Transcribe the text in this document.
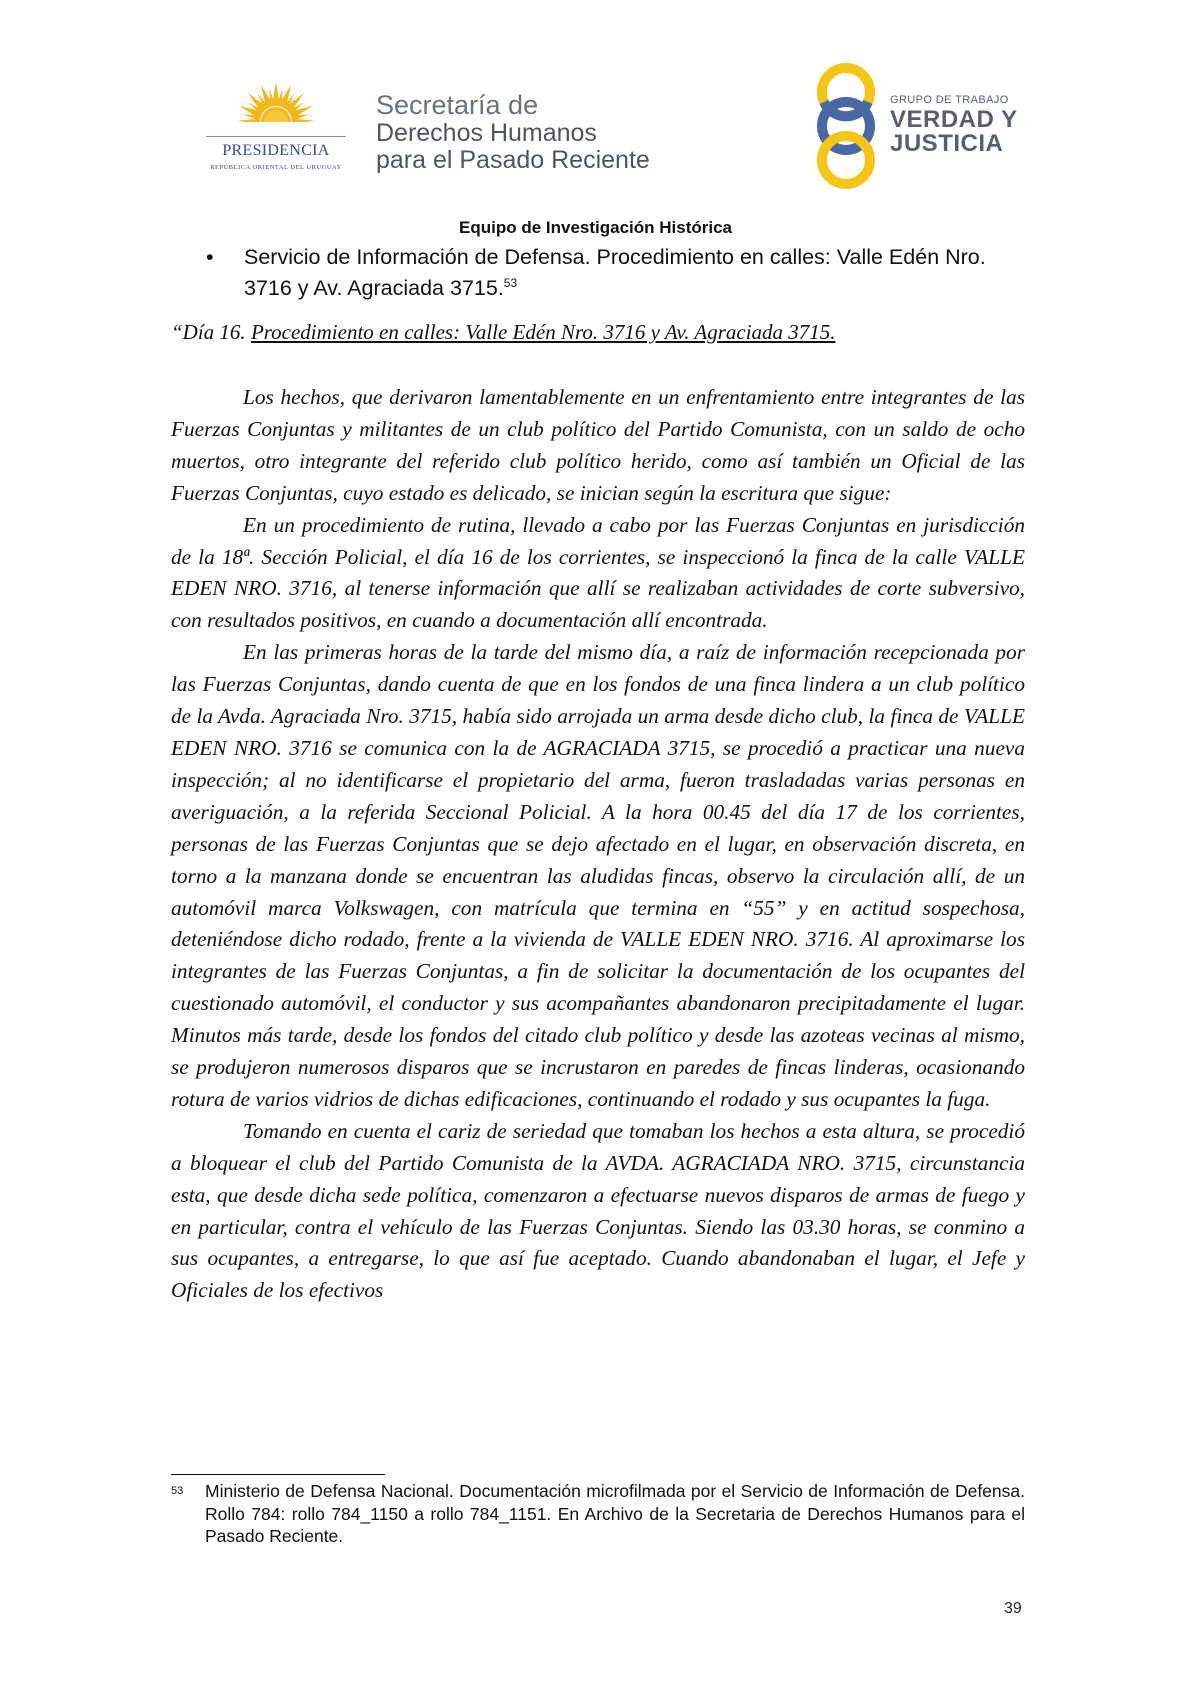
PRESIDENCIA
REPÚBLICA ORIENTAL DEL URUGUAY
Secretaría de
Derechos Humanos
para el Pasado Reciente
GRUPO DE TRABAJO
VERDAD Y
JUSTICIA
Equipo de Investigación Histórica
• Servicio de Información de Defensa. Procedimiento en calles: Valle Edén Nro. 3716 y Av. Agraciada 3715.53
“Día 16. Procedimiento en calles: Valle Edén Nro. 3716 y Av. Agraciada 3715.

Los hechos, que derivaron lamentablemente en un enfrentamiento entre integrantes de las Fuerzas Conjuntas y militantes de un club político del Partido Comunista, con un saldo de ocho muertos, otro integrante del referido club político herido, como así también un Oficial de las Fuerzas Conjuntas, cuyo estado es delicado, se inician según la escritura que sigue:

En un procedimiento de rutina, llevado a cabo por las Fuerzas Conjuntas en jurisdicción de la 18ª. Sección Policial, el día 16 de los corrientes, se inspeccionó la finca de la calle VALLE EDEN NRO. 3716, al tenerse información que allí se realizaban actividades de corte subversivo, con resultados positivos, en cuando a documentación allí encontrada.

En las primeras horas de la tarde del mismo día, a raíz de información recepcionada por las Fuerzas Conjuntas, dando cuenta de que en los fondos de una finca lindera a un club político de la Avda. Agraciada Nro. 3715, había sido arrojada un arma desde dicho club, la finca de VALLE EDEN NRO. 3716 se comunica con la de AGRACIADA 3715, se procedió a practicar una nueva inspección; al no identificarse el propietario del arma, fueron trasladadas varias personas en averiguación, a la referida Seccional Policial. A la hora 00.45 del día 17 de los corrientes, personas de las Fuerzas Conjuntas que se dejo afectado en el lugar, en observación discreta, en torno a la manzana donde se encuentran las aludidas fincas, observo la circulación allí, de un automóvil marca Volkswagen, con matrícula que termina en “55” y en actitud sospechosa, deteniéndose dicho rodado, frente a la vivienda de VALLE EDEN NRO. 3716. Al aproximarse los integrantes de las Fuerzas Conjuntas, a fin de solicitar la documentación de los ocupantes del cuestionado automóvil, el conductor y sus acompañantes abandonaron precipitadamente el lugar. Minutos más tarde, desde los fondos del citado club político y desde las azoteas vecinas al mismo, se produjeron numerosos disparos que se incrustaron en paredes de fincas linderas, ocasionando rotura de varios vidrios de dichas edificaciones, continuando el rodado y sus ocupantes la fuga.

Tomando en cuenta el cariz de seriedad que tomaban los hechos a esta altura, se procedió a bloquear el club del Partido Comunista de la AVDA. AGRACIADA NRO. 3715, circunstancia esta, que desde dicha sede política, comenzaron a efectuarse nuevos disparos de armas de fuego y en particular, contra el vehículo de las Fuerzas Conjuntas. Siendo las 03.30 horas, se conmino a sus ocupantes, a entregarse, lo que así fue aceptado. Cuando abandonaban el lugar, el Jefe y Oficiales de los efectivos

53 Ministerio de Defensa Nacional. Documentación microfilmada por el Servicio de Información de Defensa. Rollo 784: rollo 784_1150 a rollo 784_1151. En Archivo de la Secretaria de Derechos Humanos para el Pasado Reciente.
39
